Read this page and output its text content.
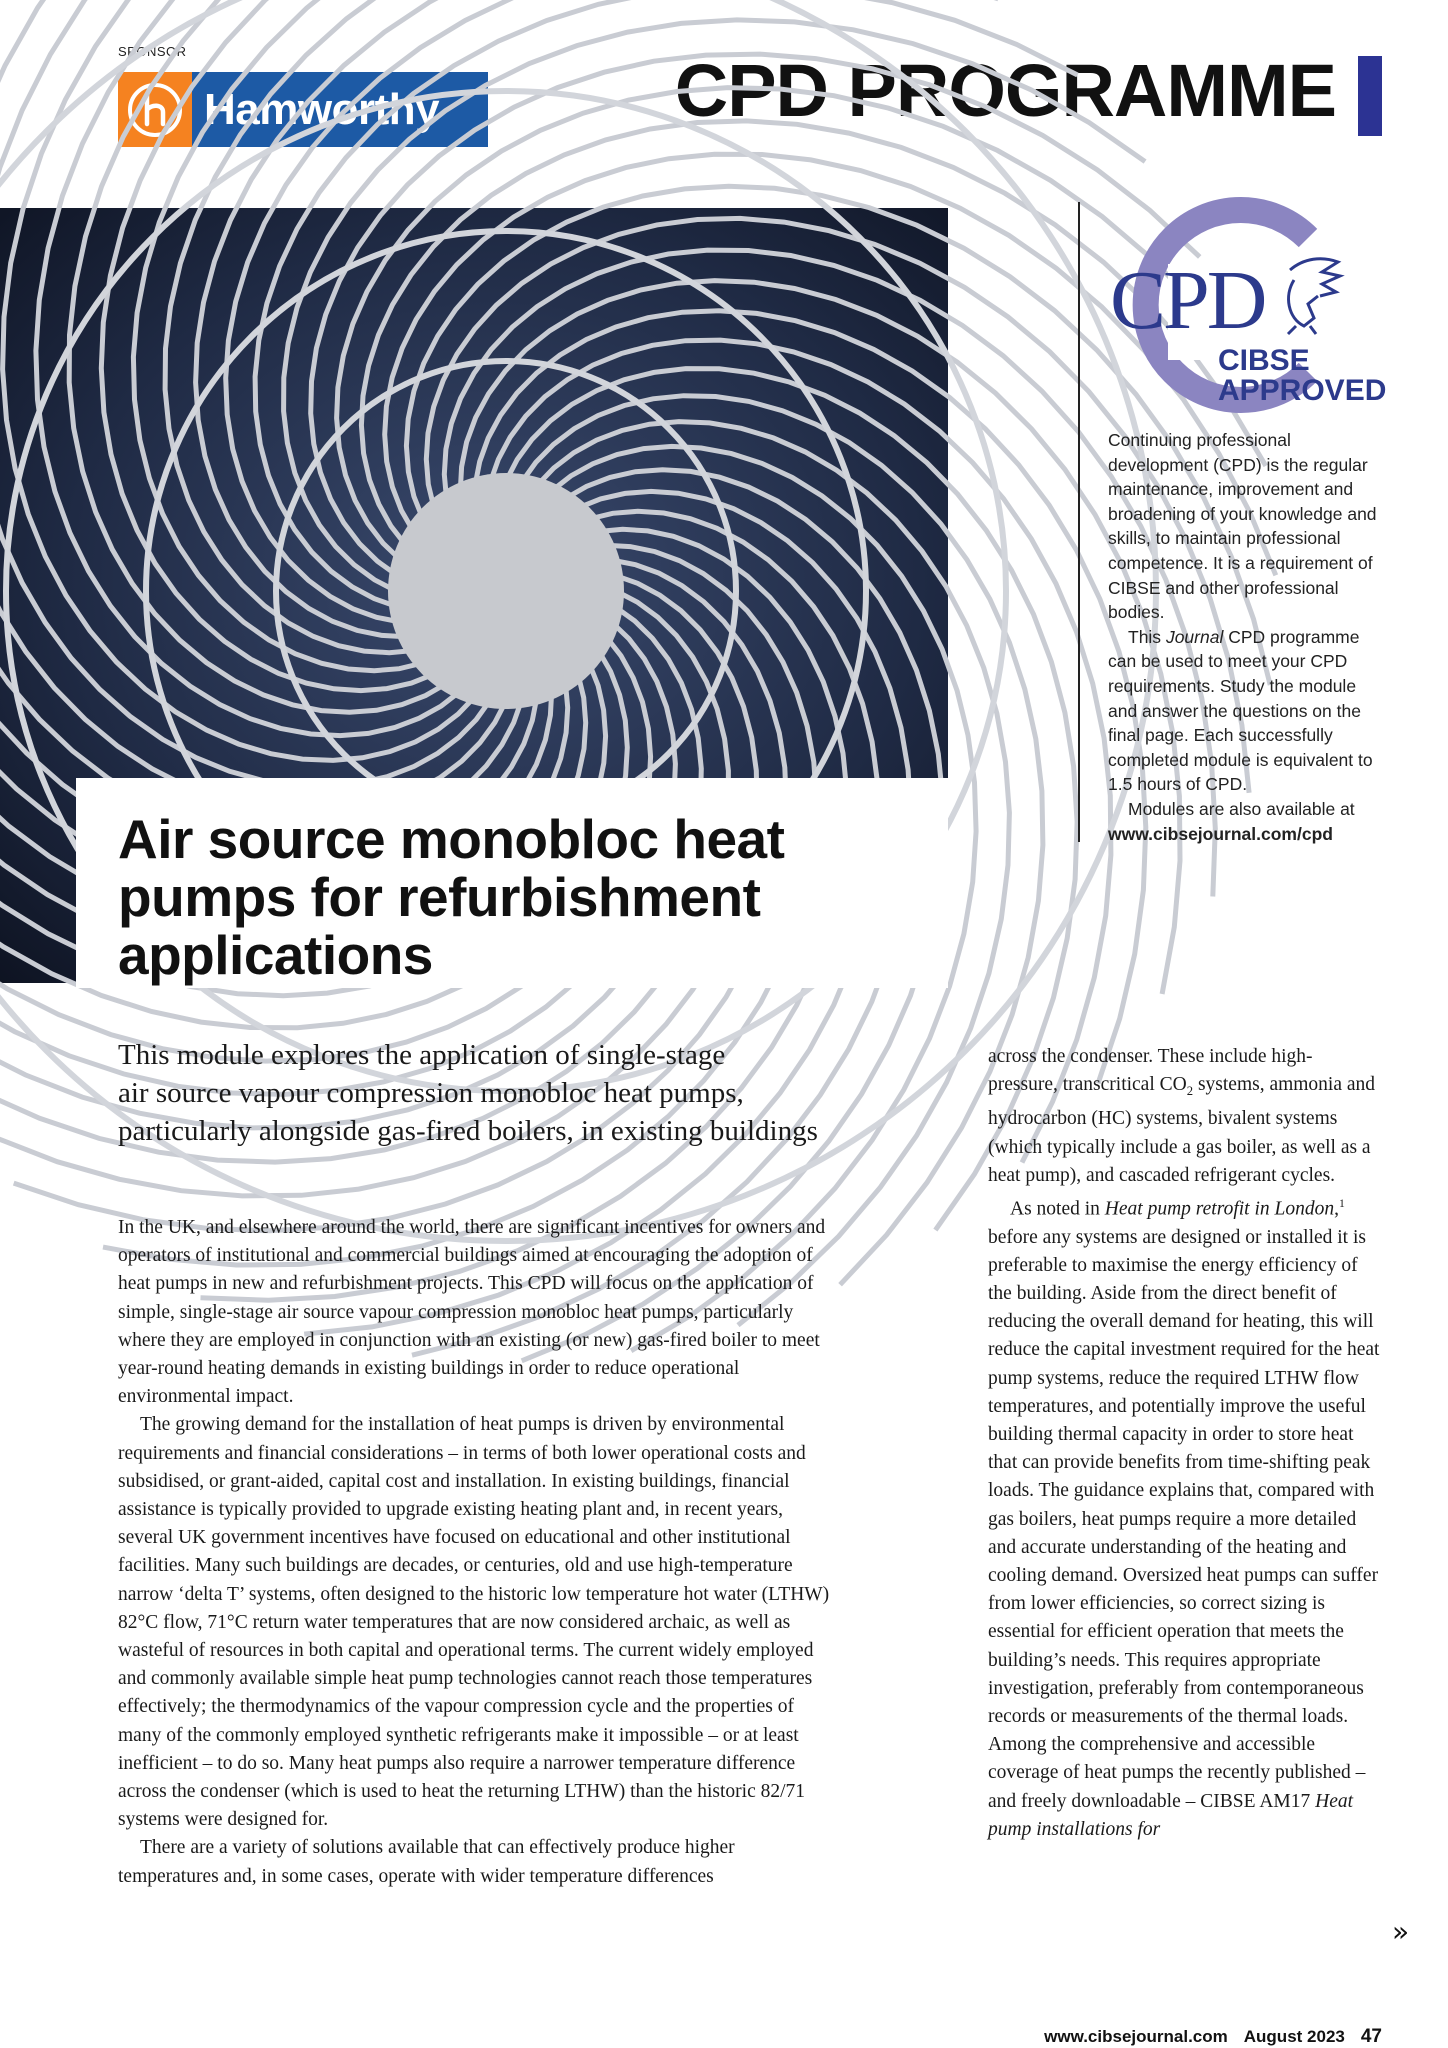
SPONSOR
Hamworthy	CPD PROGRAMME
Air source monobloc heat
pumps for refurbishment
applications
CPD
CIBSE
APPROVED

Continuing professional development (CPD) is the regular maintenance, improvement and broadening of your knowledge and skills, to maintain professional competence. It is a requirement of CIBSE and other professional bodies.

This Journal CPD programme can be used to meet your CPD requirements. Study the module and answer the questions on the final page. Each successfully completed module is equivalent to 1.5 hours of CPD.

Modules are also available at
www.cibsejournal.com/cpd

This module explores the application of single-stage
air source vapour compression monobloc heat pumps,
particularly alongside gas-fired boilers, in existing buildings

In the UK, and elsewhere around the world, there are significant incentives for owners and operators of institutional and commercial buildings aimed at encouraging the adoption of heat pumps in new and refurbishment projects. This CPD will focus on the application of simple, single-stage air source vapour compression monobloc heat pumps, particularly where they are employed in conjunction with an existing (or new) gas-fired boiler to meet year-round heating demands in existing buildings in order to reduce operational environmental impact.

The growing demand for the installation of heat pumps is driven by environmental requirements and financial considerations – in terms of both lower operational costs and subsidised, or grant-aided, capital cost and installation. In existing buildings, financial assistance is typically provided to upgrade existing heating plant and, in recent years, several UK government incentives have focused on educational and other institutional facilities. Many such buildings are decades, or centuries, old and use high-temperature narrow ‘delta T’ systems, often designed to the historic low temperature hot water (LTHW) 82°C flow, 71°C return water temperatures that are now considered archaic, as well as wasteful of resources in both capital and operational terms. The current widely employed and commonly available simple heat pump technologies cannot reach those temperatures effectively; the thermodynamics of the vapour compression cycle and the properties of many of the commonly employed synthetic refrigerants make it impossible – or at least inefficient – to do so. Many heat pumps also require a narrower temperature difference across the condenser (which is used to heat the returning LTHW) than the historic 82/71 systems were designed for.

There are a variety of solutions available that can effectively produce higher temperatures and, in some cases, operate with wider temperature differences

across the condenser. These include high-pressure, transcritical $CO_2$ systems, ammonia and hydrocarbon (HC) systems, bivalent systems (which typically include a gas boiler, as well as a heat pump), and cascaded refrigerant cycles.

As noted in Heat pump retrofit in London,$^1$ before any systems are designed or installed it is preferable to maximise the energy efficiency of the building. Aside from the direct benefit of reducing the overall demand for heating, this will reduce the capital investment required for the heat pump systems, reduce the required LTHW flow temperatures, and potentially improve the useful building thermal capacity in order to store heat that can provide benefits from time-shifting peak loads. The guidance explains that, compared with gas boilers, heat pumps require a more detailed and accurate understanding of the heating and cooling demand. Oversized heat pumps can suffer from lower efficiencies, so correct sizing is essential for efficient operation that meets the building’s needs. This requires appropriate investigation, preferably from contemporaneous records or measurements of the thermal loads. Among the comprehensive and accessible coverage of heat pumps the recently published – and freely downloadable – CIBSE AM17 Heat pump installations for

»
www.cibsejournal.com August 2023 47
